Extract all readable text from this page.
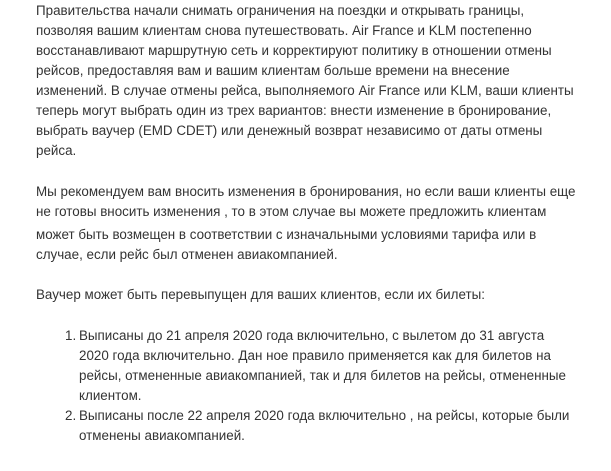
Правительства начали снимать ограничения на поездки и открывать границы,
позволяя вашим клиентам снова путешествовать. Air France и KLM постепенно
восстанавливают маршрутную сеть и корректируют политику в отношении отмены
рейсов, предоставляя вам и вашим клиентам больше времени на внесение
изменений. В случае отмены рейса, выполняемого Air France или KLM, ваши клиенты
теперь могут выбрать один из трех вариантов: внести изменение в бронирование,
выбрать ваучер (EMD CDET) или денежный возврат независимо от даты отмены
рейса.
Мы рекомендуем вам вносить изменения в бронирования, но если ваши клиенты еще
не готовы вносить изменения , то в этом случае вы можете предложить клиентам
может быть возмещен в соответствии с изначальными условиями тарифа или в
случае, если рейс был отменен авиакомпанией.
Ваучер может быть перевыпущен для ваших клиентов, если их билеты:
1. Выписаны до 21 апреля 2020 года включительно, с вылетом до 31 августа
2020 года включительно. Дан ное правило применяется как для билетов на
рейсы, отмененные авиакомпанией, так и для билетов на рейсы, отмененные
клиентом.
2. Выписаны после 22 апреля 2020 года включительно , на рейсы, которые были
отменены авиакомпанией.
